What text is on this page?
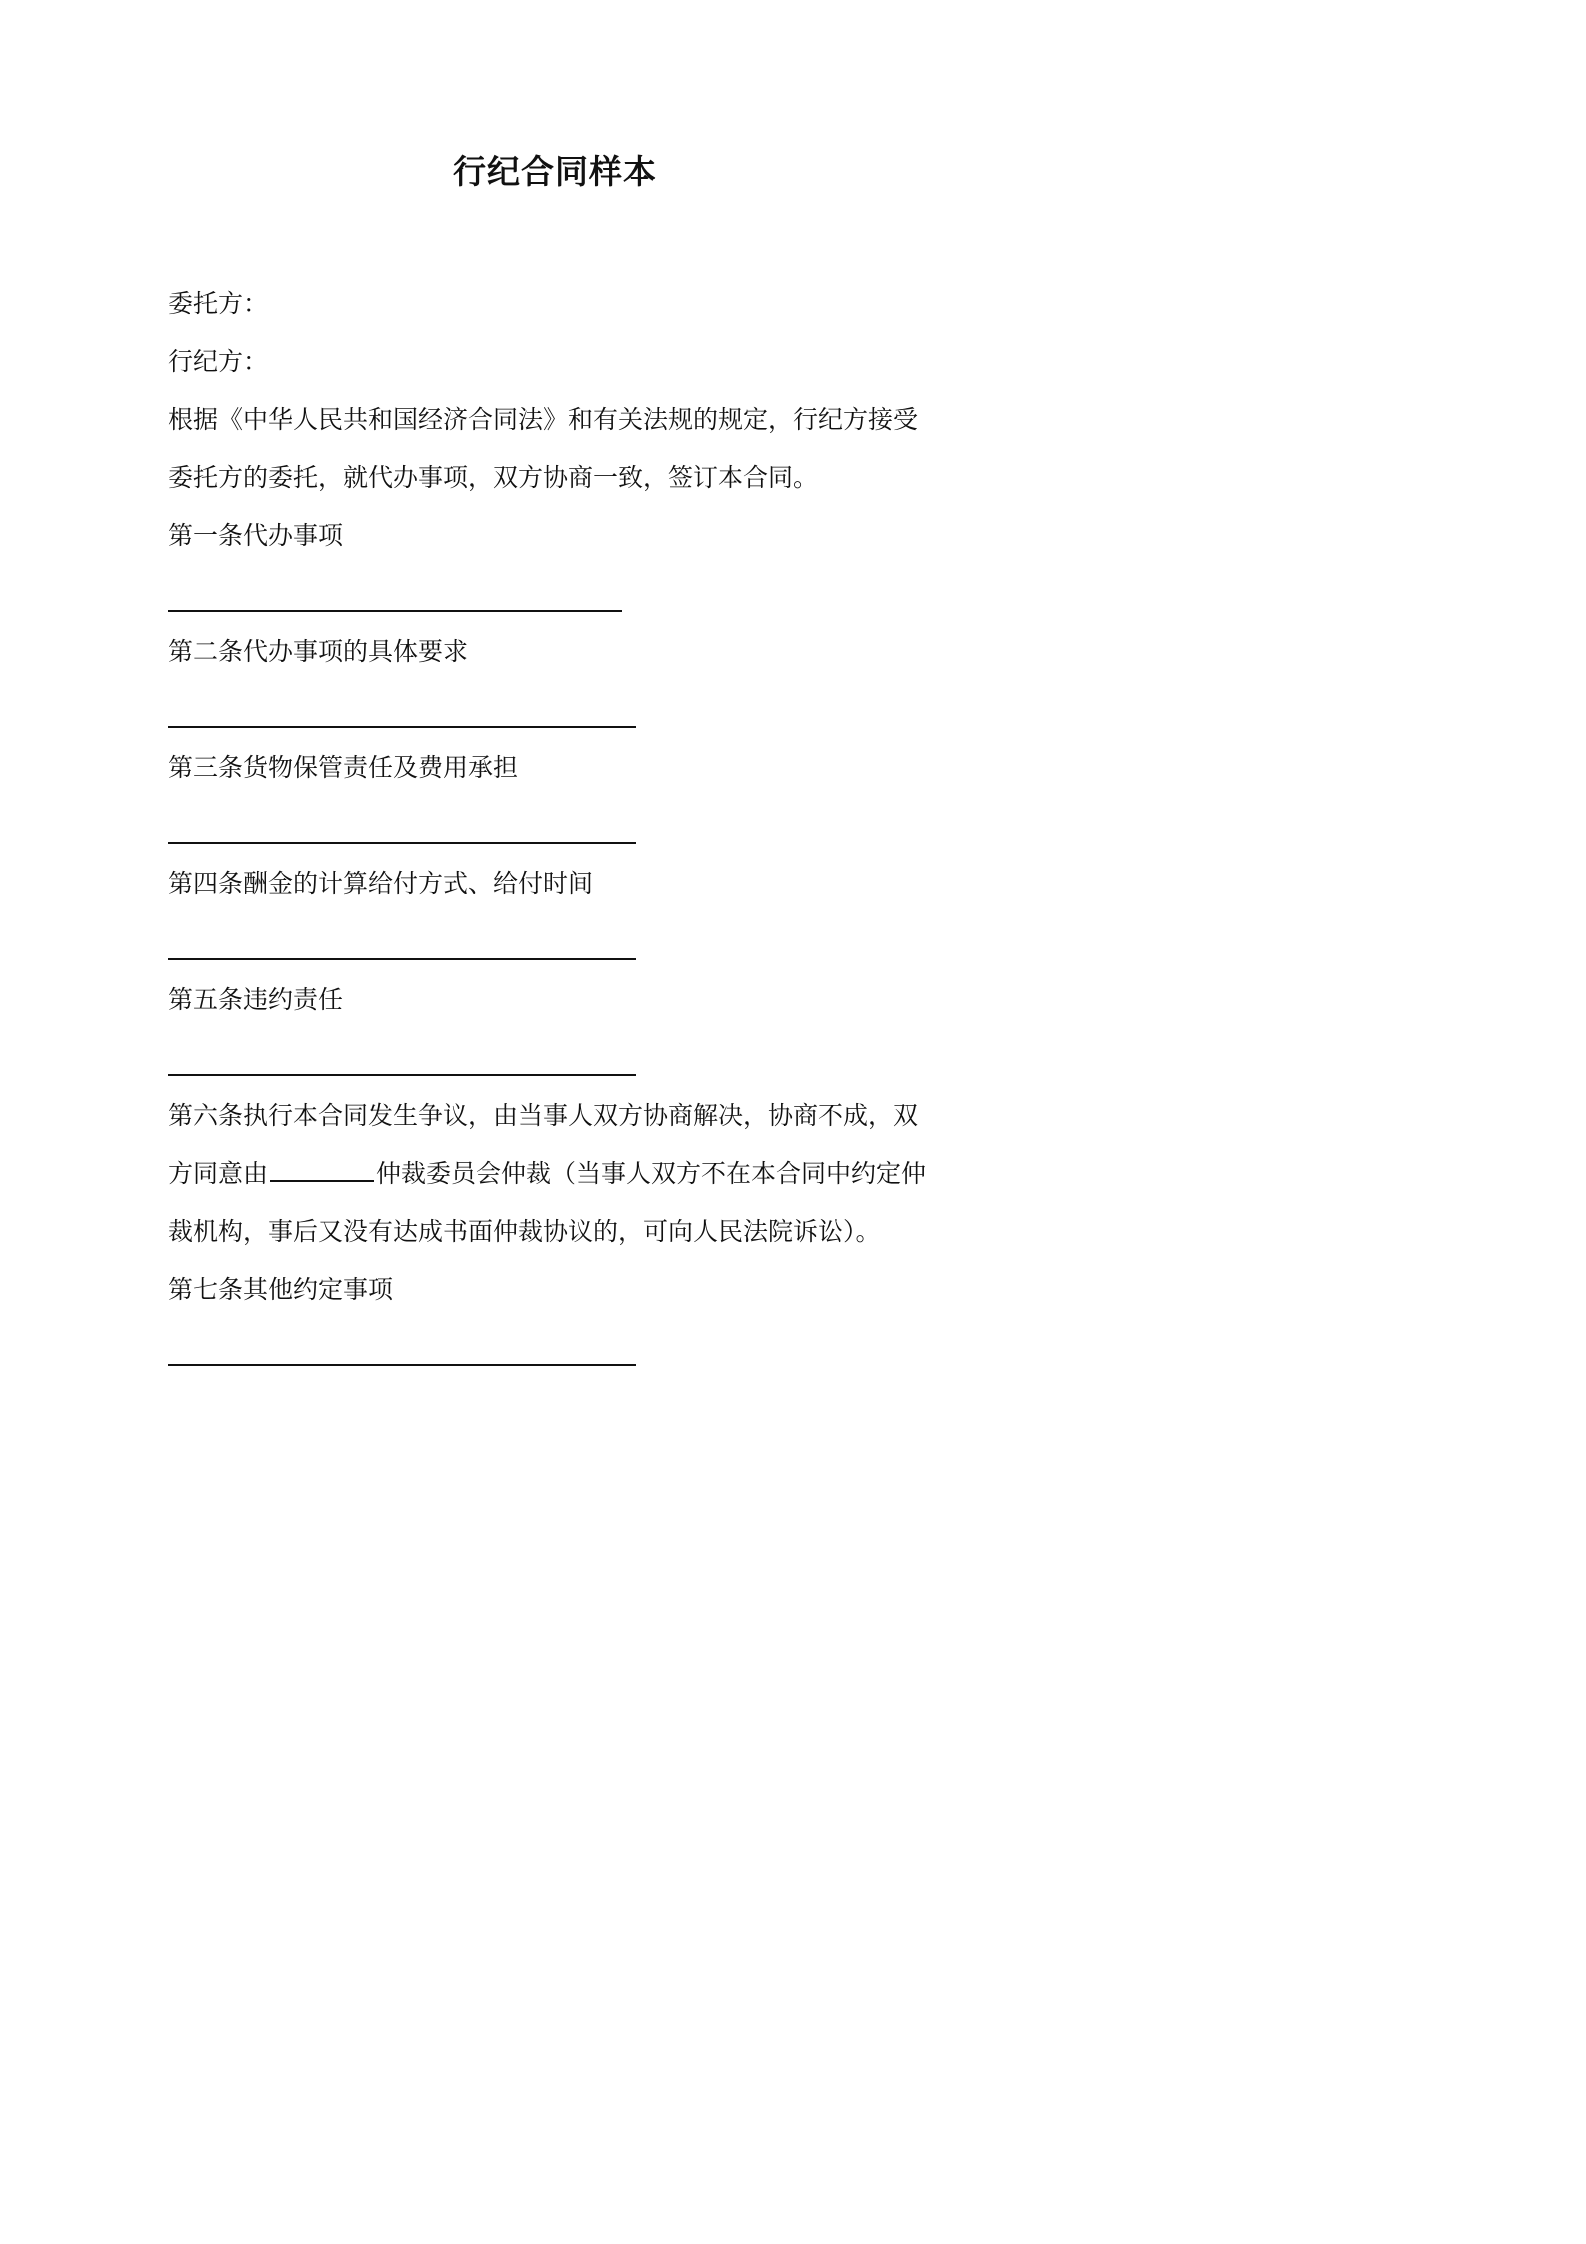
行纪合同样本
委托方：
行纪方：
根据《中华人民共和国经济合同法》和有关法规的规定，行纪方接受
委托方的委托，就代办事项，双方协商一致，签订本合同。
第一条代办事项
第二条代办事项的具体要求
第三条货物保管责任及费用承担
第四条酬金的计算给付方式、给付时间
第五条违约责任
第六条执行本合同发生争议，由当事人双方协商解决，协商不成，双
方同意由	仲裁委员会仲裁（当事人双方不在本合同中约定仲
裁机构，事后又没有达成书面仲裁协议的，可向人民法院诉讼）。
第七条其他约定事项
